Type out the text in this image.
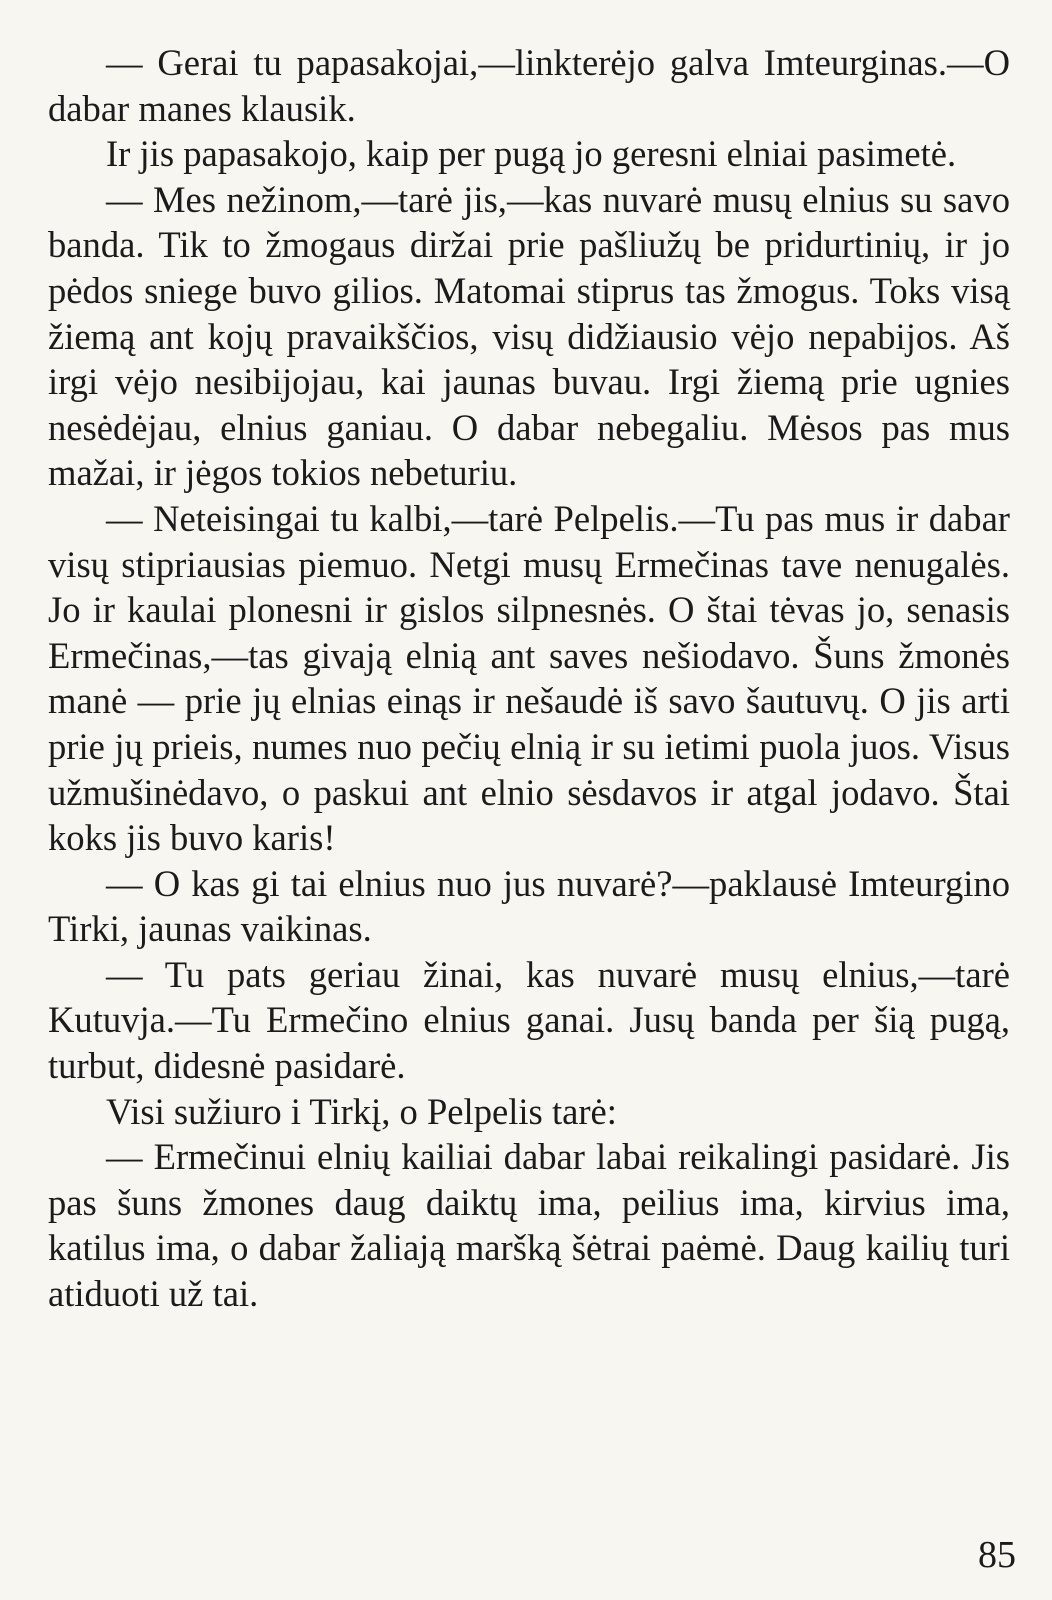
— Gerai tu papasakojai,—linkterėjo galva Imteurginas.—O dabar manes klausik.

Ir jis papasakojo, kaip per pugą jo geresni elniai pasimetė.

— Mes nežinom,—tarė jis,—kas nuvarė musų elnius su savo banda. Tik to žmogaus diržai prie pašliužų be pridurtinių, ir jo pėdos sniege buvo gilios. Matomai stiprus tas žmogus. Toks visą žiemą ant kojų pravaikščios, visų didžiausio vėjo nepabijos. Aš irgi vėjo nesibijojau, kai jaunas buvau. Irgi žiemą prie ugnies nesėdėjau, elnius ganiau. O dabar nebegaliu. Mėsos pas mus mažai, ir jėgos tokios nebeturiu.

— Neteisingai tu kalbi,—tarė Pelpelis.—Tu pas mus ir dabar visų stipriausias piemuo. Netgi musų Ermečinas tave nenugalės. Jo ir kaulai plonesni ir gislos silpnesnės. O štai tėvas jo, senasis Ermečinas,—tas givają elnią ant saves nešiodavo. Šuns žmonės manė — prie jų elnias einąs ir nešaudė iš savo šautuvų. O jis arti prie jų prieis, numes nuo pečių elnią ir su ietimi puola juos. Visus užmušinėdavo, o paskui ant elnio sėsdavos ir atgal jodavo. Štai koks jis buvo karis!

— O kas gi tai elnius nuo jus nuvarė?—paklausė Imteurgino Tirki, jaunas vaikinas.

— Tu pats geriau žinai, kas nuvarė musų elnius,—tarė Kutuvja.—Tu Ermečino elnius ganai. Jusų banda per šią pugą, turbut, didesnė pasidarė.

Visi sužiuro i Tirkį, o Pelpelis tarė:

— Ermečinui elnių kailiai dabar labai reikalingi pasidarė. Jis pas šuns žmones daug daiktų ima, peilius ima, kirvius ima, katilus ima, o dabar žaliają maršką šėtrai paėmė. Daug kailių turi atiduoti už tai.

85
